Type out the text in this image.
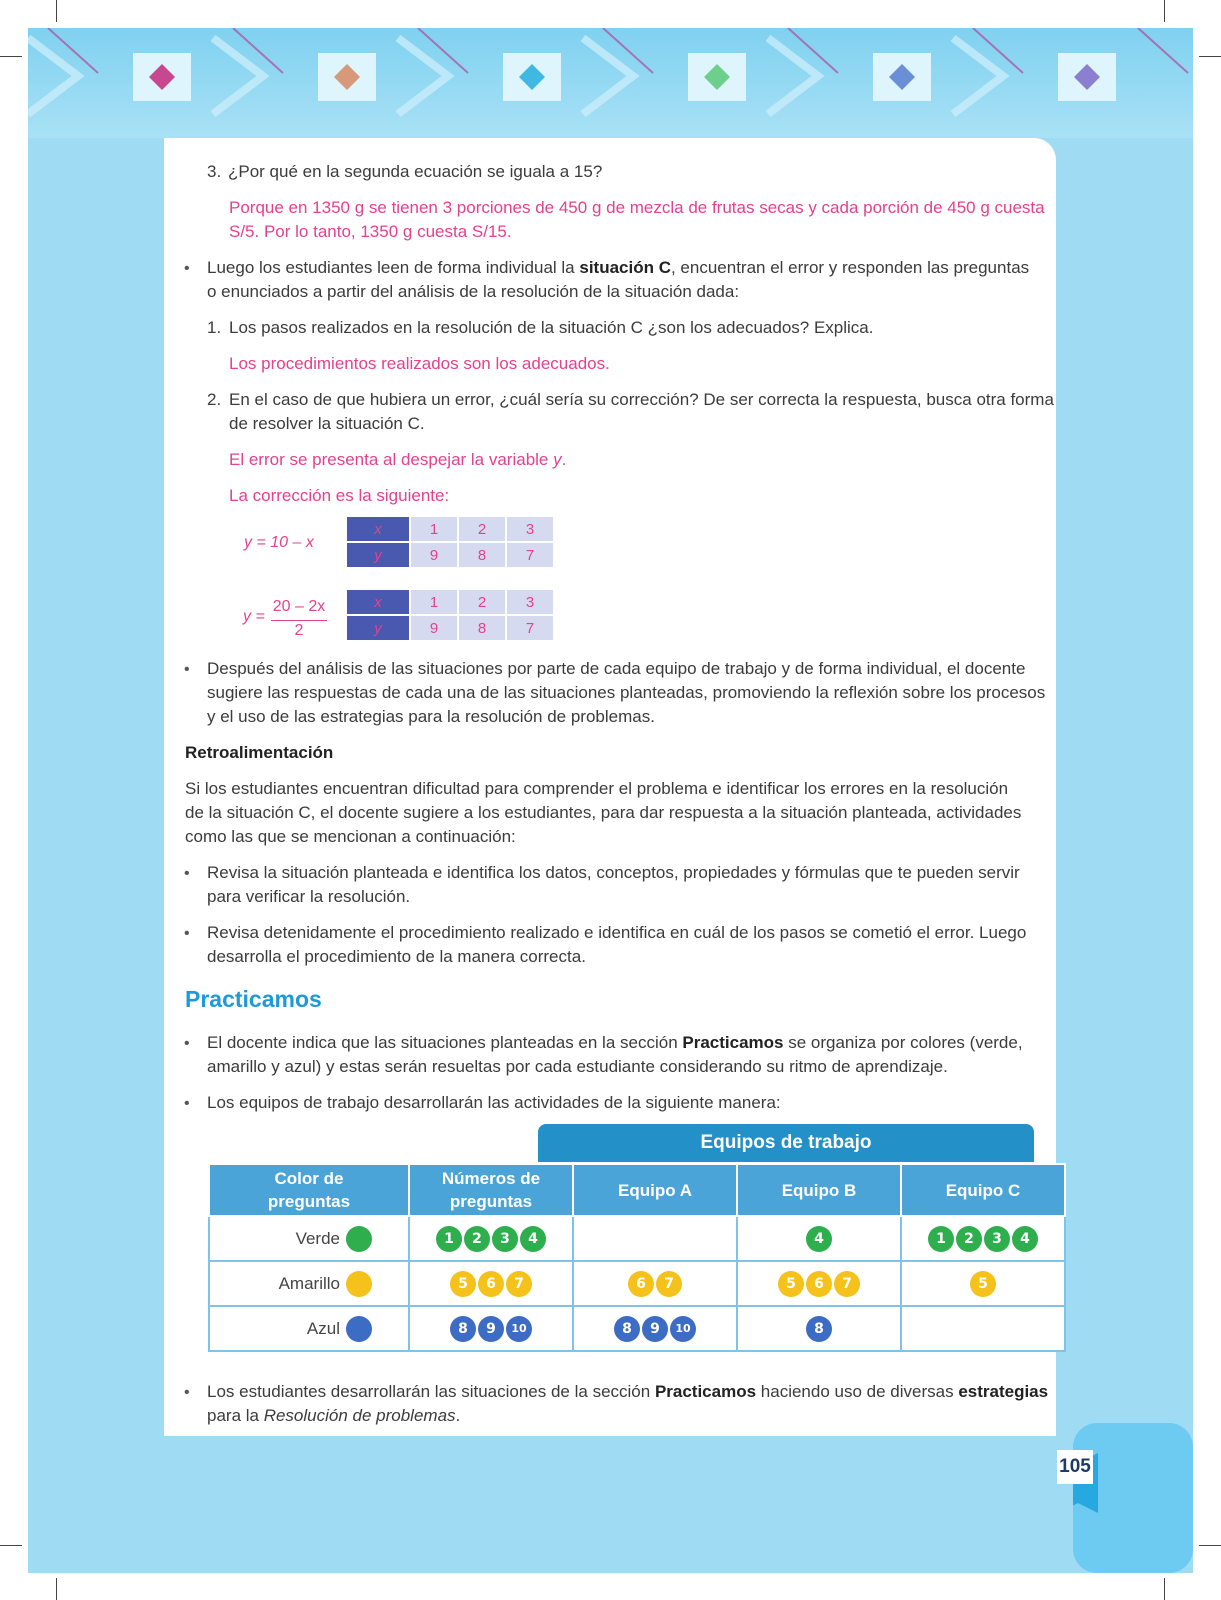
3. ¿Por qué en la segunda ecuación se iguala a 15?
Porque en 1350 g se tienen 3 porciones de 450 g de mezcla de frutas secas y cada porción de 450 g cuesta
S/5. Por lo tanto, 1350 g cuesta S/15.
• Luego los estudiantes leen de forma individual la situación C, encuentran el error y responden las preguntas
o enunciados a partir del análisis de la resolución de la situación dada:
1. Los pasos realizados en la resolución de la situación C ¿son los adecuados? Explica.
Los procedimientos realizados son los adecuados.
2. En el caso de que hubiera un error, ¿cuál sería su corrección? De ser correcta la respuesta, busca otra forma
de resolver la situación C.
El error se presenta al despejar la variable y.
La corrección es la siguiente:
y = 10 – x
x	1	2	3
y	9	8	7
y =
20 – 2x
2
x	1	2	3
y	9	8	7
• Después del análisis de las situaciones por parte de cada equipo de trabajo y de forma individual, el docente
sugiere las respuestas de cada una de las situaciones planteadas, promoviendo la reflexión sobre los procesos
y el uso de las estrategias para la resolución de problemas.
Retroalimentación
Si los estudiantes encuentran dificultad para comprender el problema e identificar los errores en la resolución
de la situación C, el docente sugiere a los estudiantes, para dar respuesta a la situación planteada, actividades
como las que se mencionan a continuación:
• Revisa la situación planteada e identifica los datos, conceptos, propiedades y fórmulas que te pueden servir
para verificar la resolución.
• Revisa detenidamente el procedimiento realizado e identifica en cuál de los pasos se cometió el error. Luego
desarrolla el procedimiento de la manera correcta.
Practicamos
• El docente indica que las situaciones planteadas en la sección Practicamos se organiza por colores (verde,
amarillo y azul) y estas serán resueltas por cada estudiante considerando su ritmo de aprendizaje.
• Los equipos de trabajo desarrollarán las actividades de la siguiente manera:
Equipos de trabajo
Color de
preguntas	Números de
preguntas	Equipo A	Equipo B	Equipo C
Verde	1 2 3 4		4	1 2 3 4
Amarillo	5 6 7	6 7	5 6 7	5
Azul	8 9 10	8 9 10	8	
• Los estudiantes desarrollarán las situaciones de la sección Practicamos haciendo uso de diversas estrategias
para la Resolución de problemas.
105
